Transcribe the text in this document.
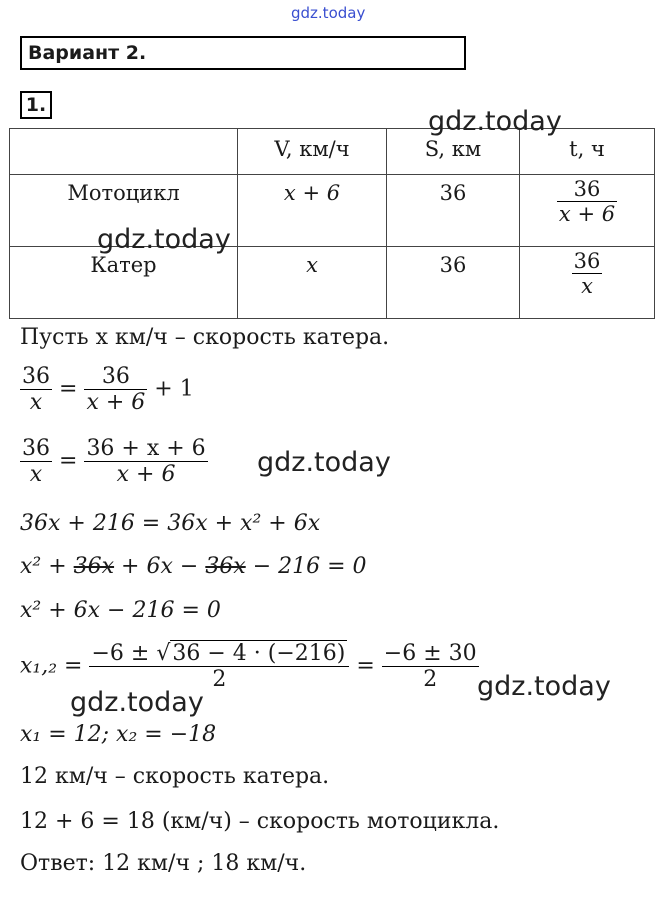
gdz.today
Вариант 2.
1.
	V, км/ч	S, км	t, ч
Мотоцикл	x + 6	36	$\frac{36}{x + 6}$

Катер	x	36	$\frac{36}{x}$
Пусть x км/ч – скорость катера.
$\frac{36}{x} = \frac{36}{x + 6} + 1$
$\frac{36}{x} = \frac{36 + x + 6}{x + 6}$
36x + 216 = 36x + x² + 6x
x² + 36x + 6x − 36x − 216 = 0
x² + 6x − 216 = 0
$x_1,_2 = \frac{-6 \pm √36 - 4 \cdot (-216)}{2} = \frac{-6 \pm 30}{2}$
x₁ = 12; x₂ = −18
12 км/ч – скорость катера.
12 + 6 = 18 (км/ч) – скорость мотоцикла.
Ответ: 12 км/ч ; 18 км/ч.
gdz.today
gdz.today
gdz.today
gdz.today
gdz.today
